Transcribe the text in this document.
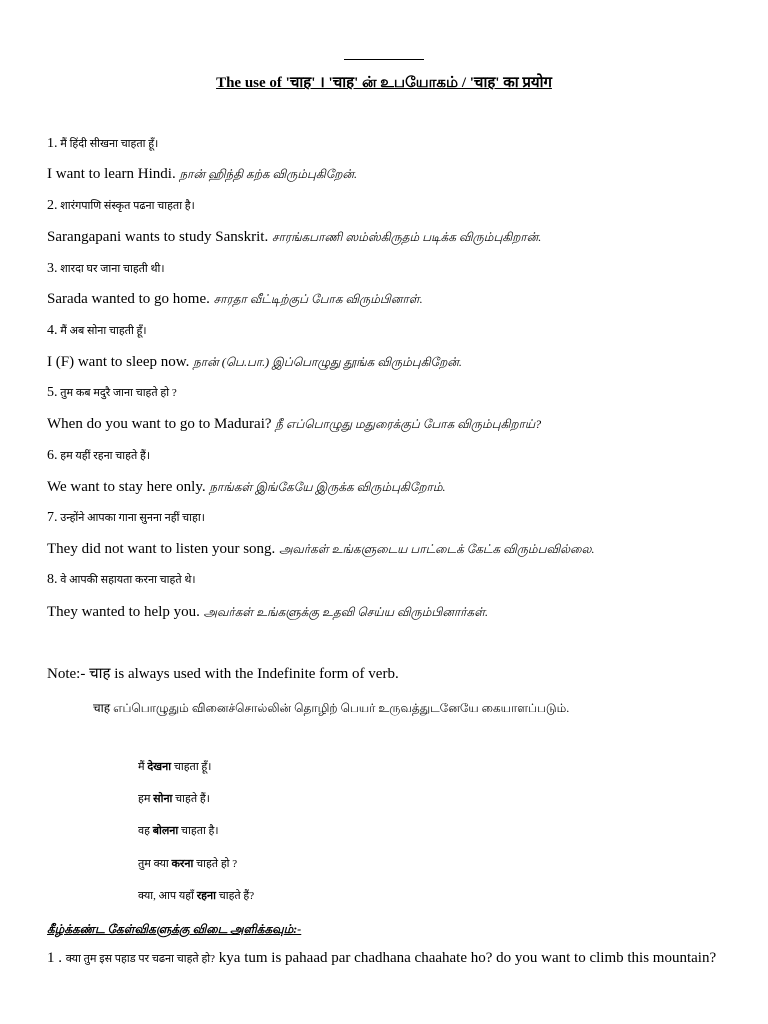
The use of 'चाह' । 'चाह' ன் உபயோகம் / 'चाह' का प्रयोग
1. मैं हिंदी सीखना चाहता हूँ।
I want to learn Hindi. நான் ஹிந்தி கற்க விரும்புகிறேன்.
2. शारंगपाणि संस्कृत पढना चाहता है।
Sarangapani wants to study Sanskrit. சாரங்கபாணி ஸம்ஸ்கிருதம் படிக்க விரும்புகிறான்.
3. शारदा घर जाना चाहती थी।
Sarada wanted to go home. சாரதா வீட்டிற்குப் போக விரும்பினாள்.
4. मैं अब सोना चाहती हूँ।
I (F) want to sleep now. நான் (பெ.பா.) இப்பொழுது தூங்க விரும்புகிறேன்.
5. तुम कब मदुरै जाना चाहते हो ?
When do you want to go to Madurai? நீ எப்பொழுது மதுரைக்குப் போக விரும்புகிறாய்?
6. हम यहीं रहना चाहते हैं।
We want to stay here only. நாங்கள் இங்கேயே இருக்க விரும்புகிறோம்.
7. उन्होंने आपका गाना सुनना नहीं चाहा।
They did not want to listen your song. அவர்கள் உங்களுடைய பாட்டைக் கேட்க விரும்பவில்லை.
8. वे आपकी सहायता करना चाहते थे।
They wanted to help you. அவர்கள் உங்களுக்கு உதவி செய்ய விரும்பினார்கள்.
Note:- चाह is always used with the Indefinite form of verb.
चाह எப்பொழுதும் வினைச்சொல்லின் தொழிற் பெயர் உருவத்துடனேயே கையாளப்படும்.
मैं देखना चाहता हूँ।
हम सोना चाहते हैं।
वह बोलना चाहता है।
तुम क्या करना चाहते हो ?
क्या, आप यहाँ रहना चाहते हैं?
கீழ்க்கண்ட கேள்விகளுக்கு விடை அளிக்கவும்:-
1 . क्या तुम इस पहाड पर चढना चाहते हो? kya tum is pahaad par chadhana chaahate ho? do you want to climb this mountain?
